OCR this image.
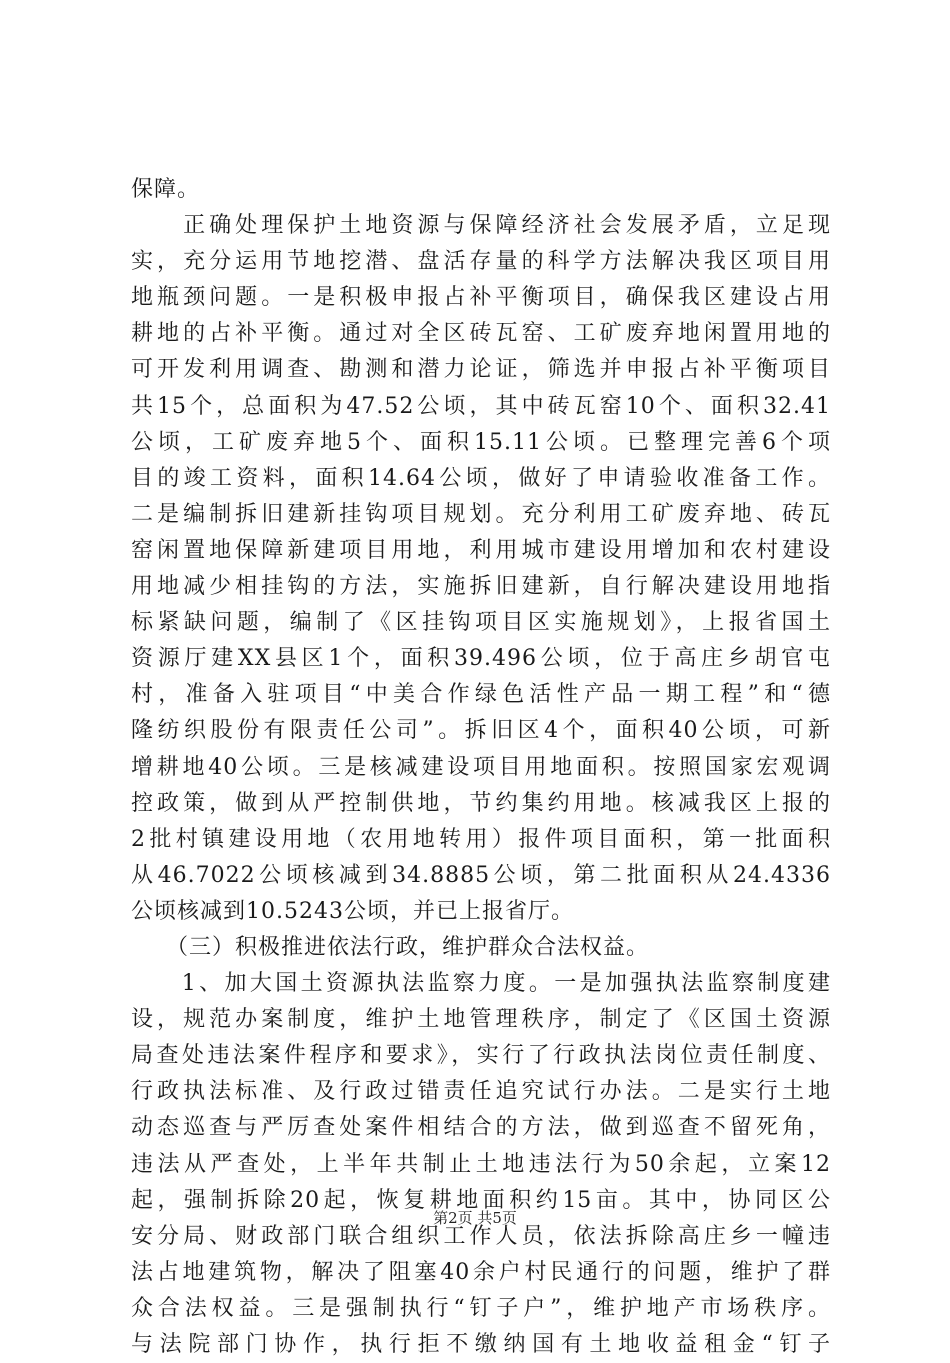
保障。
　　正确处理保护土地资源与保障经济社会发展矛盾，立足现
实，充分运用节地挖潜、盘活存量的科学方法解决我区项目用
地瓶颈问题。一是积极申报占补平衡项目，确保我区建设占用
耕地的占补平衡。通过对全区砖瓦窑、工矿废弃地闲置用地的
可开发利用调查、勘测和潜力论证，筛选并申报占补平衡项目
共15个，总面积为47.52公顷，其中砖瓦窑10个、面积32.41
公顷，工矿废弃地5个、面积15.11公顷。已整理完善6个项
目的竣工资料，面积14.64公顷，做好了申请验收准备工作。
二是编制拆旧建新挂钩项目规划。充分利用工矿废弃地、砖瓦
窑闲置地保障新建项目用地，利用城市建设用增加和农村建设
用地减少相挂钩的方法，实施拆旧建新，自行解决建设用地指
标紧缺问题，编制了《区挂钩项目区实施规划》，上报省国土
资源厅建XX县区1个，面积39.496公顷，位于高庄乡胡官屯
村，准备入驻项目“中美合作绿色活性产品一期工程”和“德
隆纺织股份有限责任公司”。拆旧区4个，面积40公顷，可新
增耕地40公顷。三是核减建设项目用地面积。按照国家宏观调
控政策，做到从严控制供地，节约集约用地。核减我区上报的
2批村镇建设用地（农用地转用）报件项目面积，第一批面积
从46.7022公顷核减到34.8885公顷，第二批面积从24.4336
公顷核减到10.5243公顷，并已上报省厅。
　　（三）积极推进依法行政，维护群众合法权益。
　　1、加大国土资源执法监察力度。一是加强执法监察制度建
设，规范办案制度，维护土地管理秩序，制定了《区国土资源
局查处违法案件程序和要求》，实行了行政执法岗位责任制度、
行政执法标准、及行政过错责任追究试行办法。二是实行土地
动态巡查与严厉查处案件相结合的方法，做到巡查不留死角，
违法从严查处，上半年共制止土地违法行为50余起，立案12
起，强制拆除20起，恢复耕地面积约15亩。其中，协同区公
安分局、财政部门联合组织工作人员，依法拆除高庄乡一幢违
法占地建筑物，解决了阻塞40余户村民通行的问题，维护了群
众合法权益。三是强制执行“钉子户”，维护地产市场秩序。
与法院部门协作，执行拒不缴纳国有土地收益租金“钉子
第2页 共5页
